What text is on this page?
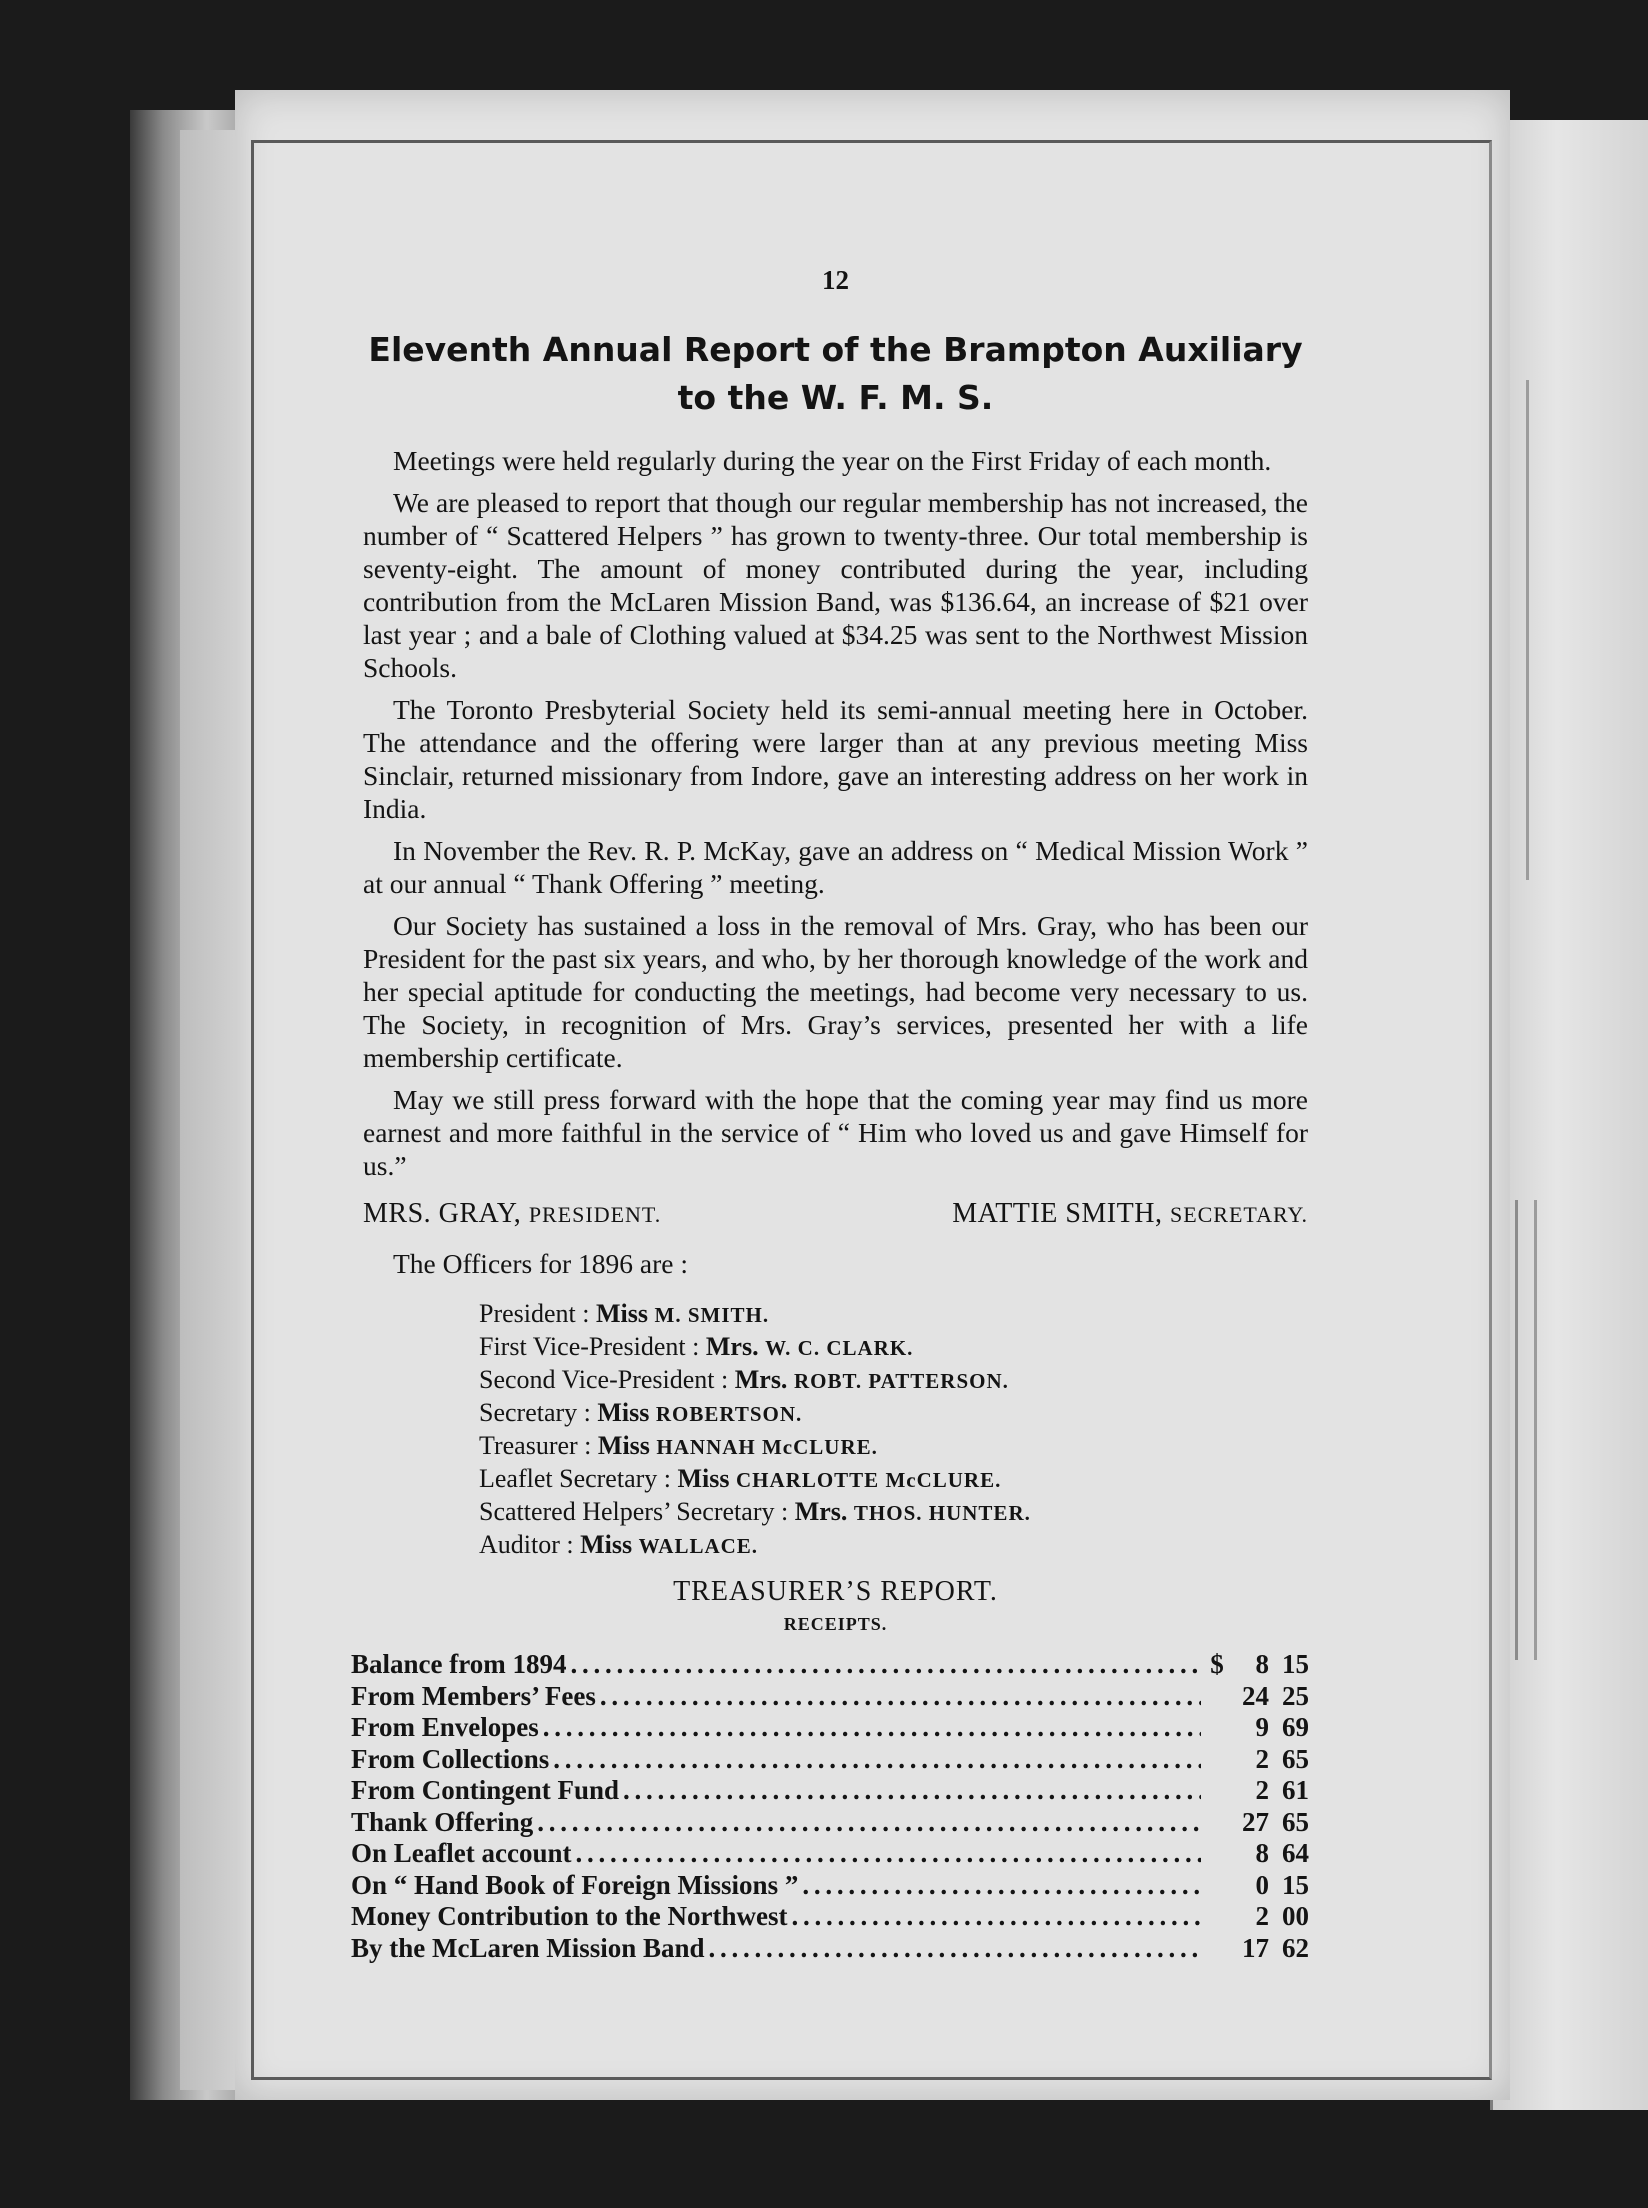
12
Eleventh Annual Report of the Brampton Auxiliary
to the W. F. M. S.

Meetings were held regularly during the year on the First Friday of each month.

We are pleased to report that though our regular membership has not increased, the number of “ Scattered Helpers ” has grown to twenty-three. Our total membership is seventy-eight. The amount of money contributed during the year, including contribution from the McLaren Mission Band, was $136.64, an increase of $21 over last year ; and a bale of Clothing valued at $34.25 was sent to the Northwest Mission Schools.

The Toronto Presbyterial Society held its semi-annual meeting here in October. The attendance and the offering were larger than at any previous meeting Miss Sinclair, returned missionary from Indore, gave an interesting address on her work in India.

In November the Rev. R. P. McKay, gave an address on “ Medical Mission Work ” at our annual “ Thank Offering ” meeting.

Our Society has sustained a loss in the removal of Mrs. Gray, who has been our President for the past six years, and who, by her thorough knowledge of the work and her special aptitude for conducting the meetings, had become very necessary to us. The Society, in recognition of Mrs. Gray’s services, presented her with a life membership certificate.

May we still press forward with the hope that the coming year may find us more earnest and more faithful in the service of “ Him who loved us and gave Himself for us.”

MRS. GRAY, PRESIDENT.	MATTIE SMITH, SECRETARY.
The Officers for 1896 are :
President : Miss M. SMITH.
First Vice-President : Mrs. W. C. CLARK.
Second Vice-President : Mrs. ROBT. PATTERSON.
Secretary : Miss ROBERTSON.
Treasurer : Miss HANNAH McCLURE.
Leaflet Secretary : Miss CHARLOTTE McCLURE.
Scattered Helpers’ Secretary : Mrs. THOS. HUNTER.
Auditor : Miss WALLACE.
TREASURER’S REPORT.
RECEIPTS.
Balance from 1894 . . .	$	8 15
From Members’ Fees . . .	24 25
From Envelopes . . .	9 69
From Collections . . .	2 65
From Contingent Fund . . .	2 61
Thank Offering . . .	27 65
On Leaflet account . . .	8 64
On “ Hand Book of Foreign Missions ” . . .	0 15
Money Contribution to the Northwest . . .	2 00
By the McLaren Mission Band . . .	17 62
